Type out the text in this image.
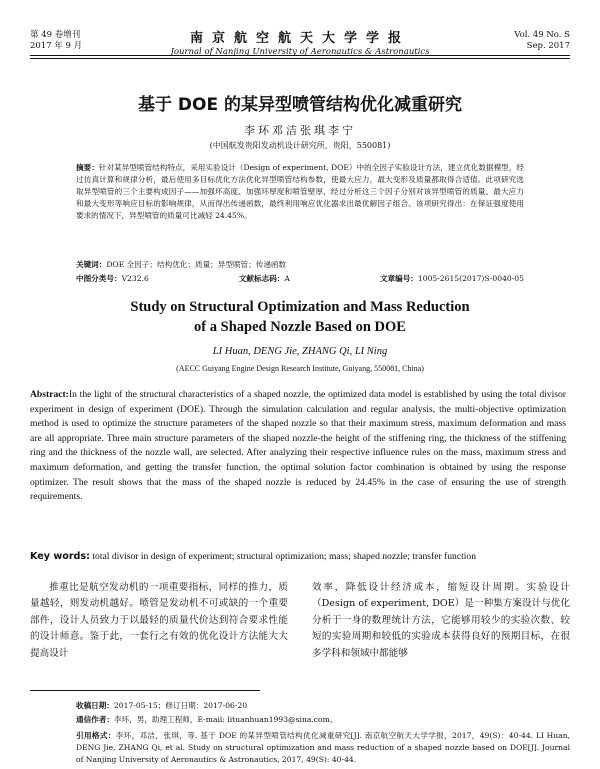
第 49 卷增刊
2017 年 9 月	南京航空航天大学学报
Journal of Nanjing University of Aeronautics & Astronautics
Vol. 49 No. S
Sep. 2017
基于 DOE 的某异型喷管结构优化减重研究
李环邓洁张琪李宁
(中国航发贵阳发动机设计研究所，贵阳，550081)
摘要：针对某异型喷管结构特点，采用实验设计（Design of experiment, DOE）中的全因子实验设计方法，建立优化数据模型，经过仿真计算和规律分析，最后使用多目标优化方法优化异型喷管结构参数，使最大应力，最大变形及质量都取得合适值。此项研究选取异型喷管的三个主要构成因子——加强环高度、加强环厚度和喷管壁厚，经过分析这三个因子分别对该异型喷管的质量、最大应力和最大变形等响应目标的影响规律，从而得出传递函数，最终利用响应优化器求出最优解因子组合。该项研究得出：在保证强度使用要求的情况下，异型喷管的质量可比减轻 24.45%。
关键词：DOE 全因子；结构优化；质量；异型喷管；传递函数
中图分类号：V232.6	文献标志码：A	文章编号：1005-2615(2017)S-0040-05
Study on Structural Optimization and Mass Reduction
of a Shaped Nozzle Based on DOE
LI Huan, DENG Jie, ZHANG Qi, LI Ning
(AECC Guiyang Engine Design Research Institute, Guiyang, 550081, China)
Abstract:In the light of the structural characteristics of a shaped nozzle, the optimized data model is established by using the total divisor experiment in design of experiment (DOE). Through the simulation calculation and regular analysis, the multi-objective optimization method is used to optimize the structure parameters of the shaped nozzle so that their maximum stress, maximum deformation and mass are all appropriate. Three main structure parameters of the shaped nozzle-the height of the stiffening ring, the thickness of the stiffening ring and the thickness of the nozzle wall, are selected. After analyzing their respective influence rules on the mass, maximum stress and maximum deformation, and getting the transfer function, the optimal solution factor combination is obtained by using the response optimizer. The result shows that the mass of the shaped nozzle is reduced by 24.45% in the case of ensuring the use of strength requirements.
Key words: total divisor in design of experiment; structural optimization; mass; shaped nozzle; transfer function
推重比是航空发动机的一项重要指标，同样的推力，质量越轻，则发动机越好。喷管是发动机不可或缺的一个重要部件，设计人员致力于以最轻的质量代价达到符合要求性能的设计师意。鉴于此，一套行之有效的优化设计方法能大大提高设计
效率，降低设计经济成本，缩短设计周期。实验设计（Design of experiment, DOE）是一种集方案设计与优化分析于一身的数理统计方法，它能够用较少的实验次数、较短的实验周期和较低的实验成本获得良好的预期目标，在很多学科和领域中都能够
收稿日期：2017-05-15；修订日期：2017-06-20
通信作者：李环，男，助理工程师，E-mail: lituanhuan1993@sina.com。
引用格式：李环，邓洁，张琪，等. 基于 DOE 的某异型喷管结构优化减重研究[J]. 南京航空航天大学学报，2017，49(S)：40-44. LI Huan, DENG Jie, ZHANG Qi, et al. Study on structural optimization and mass reduction of a shaped nozzle based on DOE[J]. Journal of Nanjing University of Aeronautics & Astronautics, 2017, 49(S): 40-44.
